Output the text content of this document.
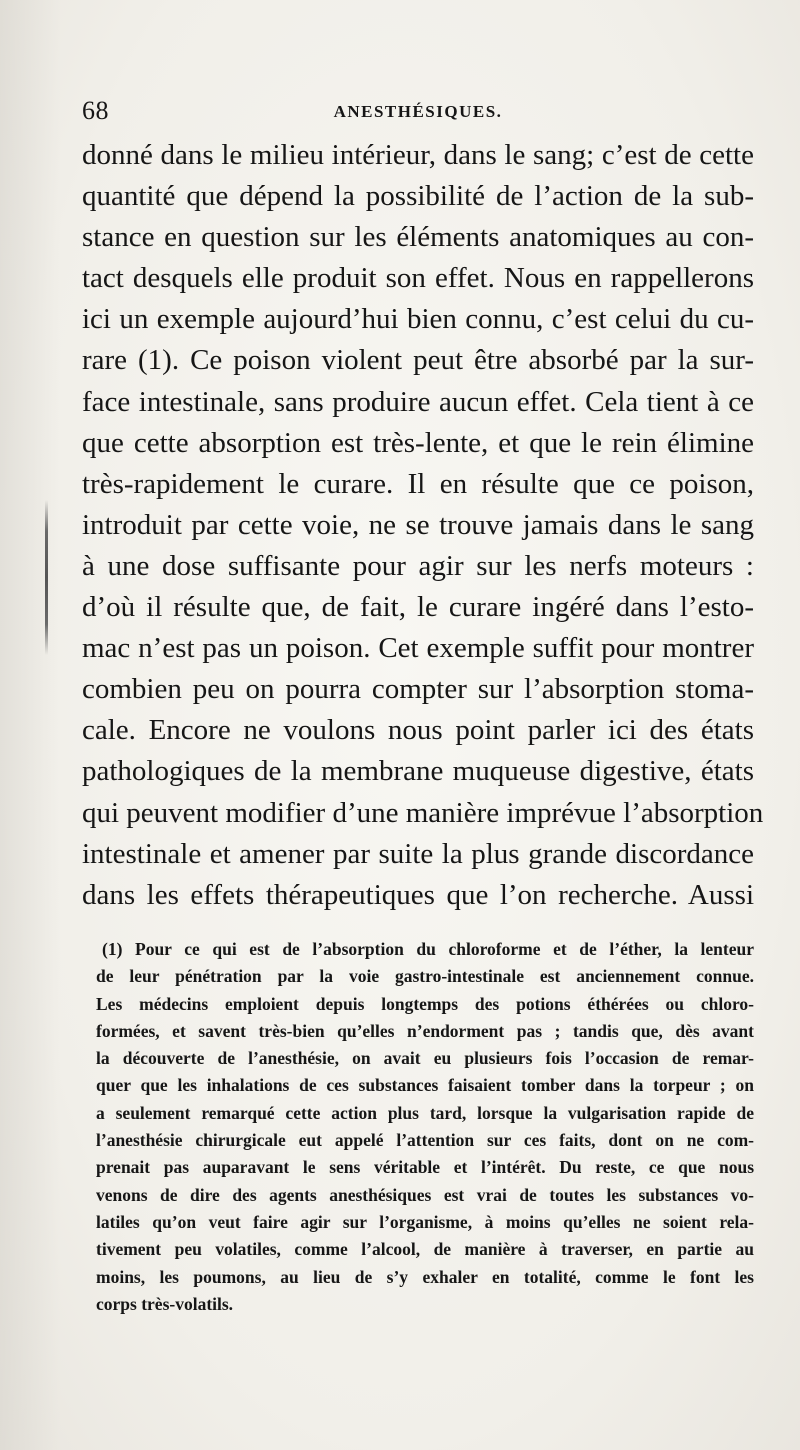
68	ANESTHÉSIQUES.
donné dans le milieu intérieur, dans le sang; c’est de cette
quantité que dépend la possibilité de l’action de la sub-
stance en question sur les éléments anatomiques au con-
tact desquels elle produit son effet. Nous en rappellerons
ici un exemple aujourd’hui bien connu, c’est celui du cu-
rare (1). Ce poison violent peut être absorbé par la sur-
face intestinale, sans produire aucun effet. Cela tient à ce
que cette absorption est très-lente, et que le rein élimine
très-rapidement le curare. Il en résulte que ce poison,
introduit par cette voie, ne se trouve jamais dans le sang
à une dose suffisante pour agir sur les nerfs moteurs :
d’où il résulte que, de fait, le curare ingéré dans l’esto-
mac n’est pas un poison. Cet exemple suffit pour montrer
combien peu on pourra compter sur l’absorption stoma-
cale. Encore ne voulons nous point parler ici des états
pathologiques de la membrane muqueuse digestive, états
qui peuvent modifier d’une manière imprévue l’absorption
intestinale et amener par suite la plus grande discordance
dans les effets thérapeutiques que l’on recherche. Aussi
(1) Pour ce qui est de l’absorption du chloroforme et de l’éther, la lenteur
de leur pénétration par la voie gastro-intestinale est anciennement connue.
Les médecins emploient depuis longtemps des potions éthérées ou chloro-
formées, et savent très-bien qu’elles n’endorment pas ; tandis que, dès avant
la découverte de l’anesthésie, on avait eu plusieurs fois l’occasion de remar-
quer que les inhalations de ces substances faisaient tomber dans la torpeur ; on
a seulement remarqué cette action plus tard, lorsque la vulgarisation rapide de
l’anesthésie chirurgicale eut appelé l’attention sur ces faits, dont on ne com-
prenait pas auparavant le sens véritable et l’intérêt. Du reste, ce que nous
venons de dire des agents anesthésiques est vrai de toutes les substances vo-
latiles qu’on veut faire agir sur l’organisme, à moins qu’elles ne soient rela-
tivement peu volatiles, comme l’alcool, de manière à traverser, en partie au
moins, les poumons, au lieu de s’y exhaler en totalité, comme le font les
corps très-volatils.
